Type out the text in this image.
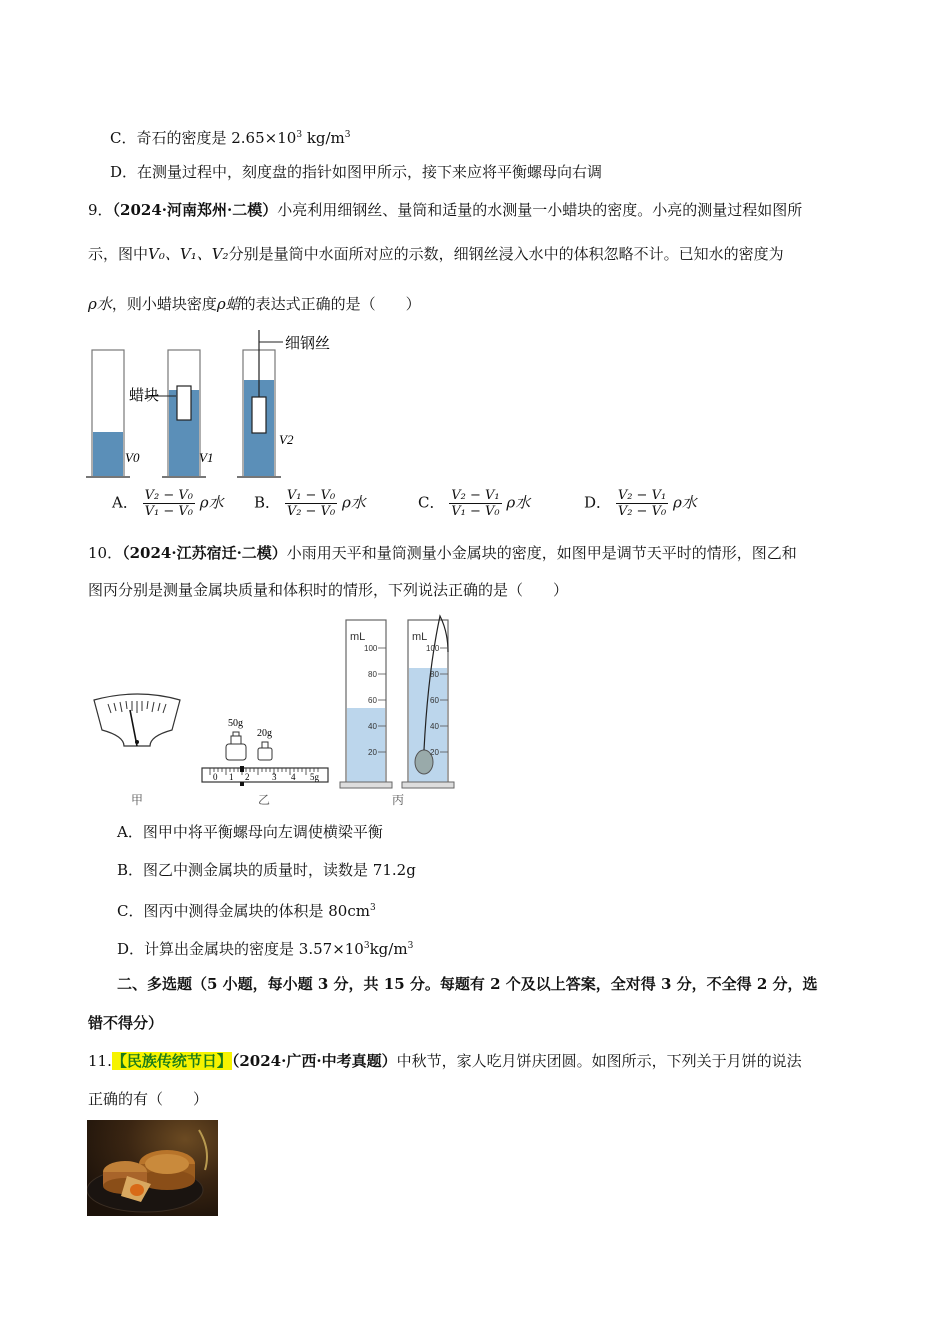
C．奇石的密度是 $2.65\times 10^3$ $kg/m^3$
D．在测量过程中，刻度盘的指针如图甲所示，接下来应将平衡螺母向右调
9．（2024·河南郑州·二模）小亮利用细钢丝、量筒和适量的水测量一小蜡块的密度。小亮的测量过程如图所
示，图中V₀、V₁、V₂分别是量筒中水面所对应的示数，细钢丝浸入水中的体积忽略不计。已知水的密度为
ρ水，则小蜡块密度ρ蜡的表达式正确的是（　　）
蜡块
细钢丝
V0	V1
V2
A． $\frac{\text{V₂ − V₀}}{\text{V₁ − V₀}}$ ρ水 B． $\frac{\text{V₁ − V₀}}{\text{V₂ − V₀}}$ ρ水	C． $\frac{\text{V₂ − V₁}}{\text{V₁ − V₀}}$ ρ水	D． $\frac{\text{V₂ − V₁}}{\text{V₂ − V₀}}$ ρ水
10．（2024·江苏宿迁·二模）小雨用天平和量筒测量小金属块的密度，如图甲是调节天平时的情形，图乙和
图丙分别是测量金属块质量和体积时的情形，下列说法正确的是（　　）
甲
50g
20g
0 1 2	3 4 5g
乙
mL	mL
100
80
60
40
20
100
80
60
40
20
丙
A．图甲中将平衡螺母向左调使横梁平衡
B．图乙中测金属块的质量时，读数是 71.2g
C．图丙中测得金属块的体积是 $80cm^3$
D．计算出金属块的密度是 $3.57\times 10^3kg/m^3$
二、多选题（5 小题，每小题 3 分，共 15 分。每题有 2 个及以上答案，全对得 3 分，不全得 2 分，选
错不得分）
11.【民族传统节日】（2024·广西·中考真题）中秋节，家人吃月饼庆团圆。如图所示，下列关于月饼的说法
正确的有（　　）
